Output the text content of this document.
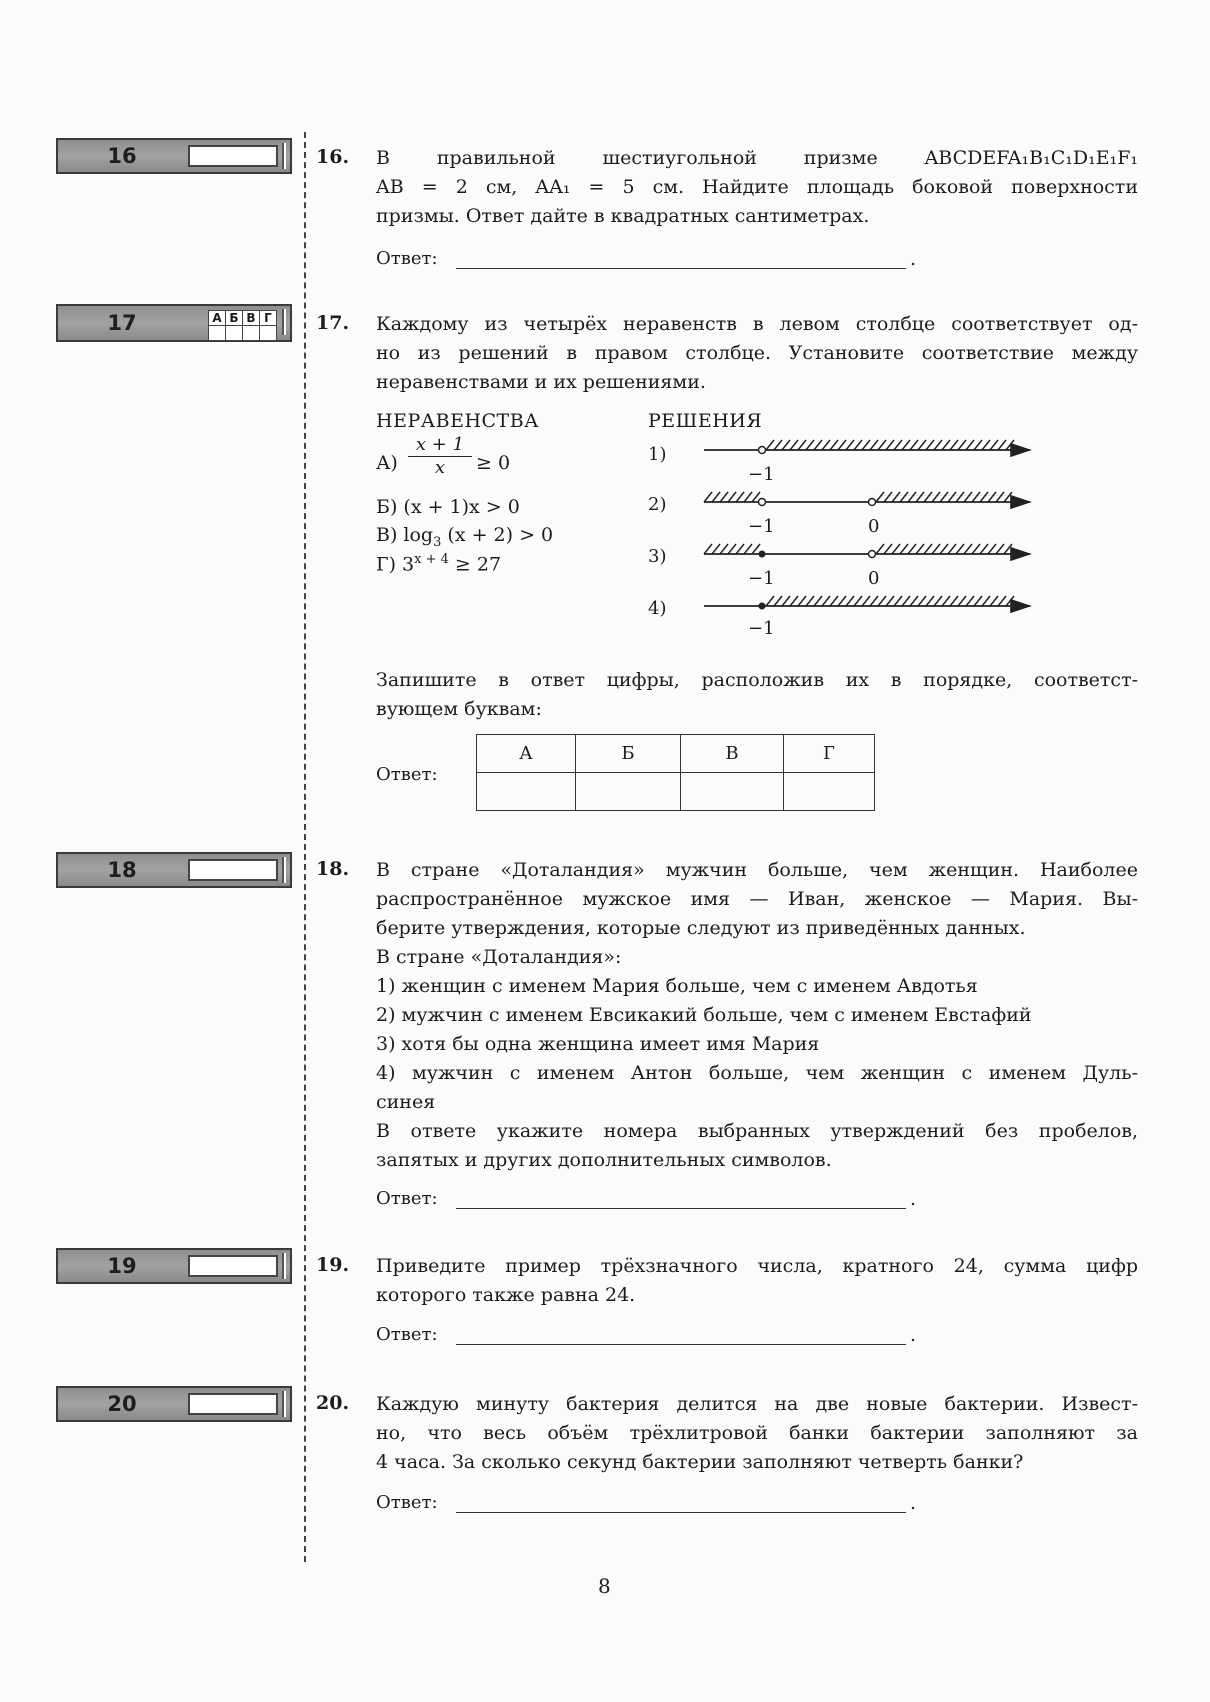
16
17	А	Б	В	Г

18
19
20
16. В правильной шестиугольной призме ABCDEFA₁B₁C₁D₁E₁F₁
AB = 2 см, AA₁ = 5 см. Найдите площадь боковой поверхности
призмы. Ответ дайте в квадратных сантиметрах.
Ответ:	.
17. Каждому из четырёх неравенств в левом столбце соответствует од-
но из решений в правом столбце. Установите соответствие между
неравенствами и их решениями.
НЕРАВЕНСТВА	РЕШЕНИЯ
$А) \frac{x + 1}{x} \ge 0$
Б) (x + 1)x > 0
В) $\log_3 (x + 2) > 0$
Г) $3^{x + 4} \ge 27$
1)
2)
3)
4)
−1
−1	0
−1	0
−1
Запишите в ответ цифры, расположив их в порядке, соответст-
вующем буквам:
Ответ:
А	Б	В	Г

18. В стране «Доталандия» мужчин больше, чем женщин. Наиболее
распространённое мужское имя — Иван, женское — Мария. Вы-
берите утверждения, которые следуют из приведённых данных.
В стране «Доталандия»:
1) женщин с именем Мария больше, чем с именем Авдотья
2) мужчин с именем Евсикакий больше, чем с именем Евстафий
3) хотя бы одна женщина имеет имя Мария
4) мужчин с именем Антон больше, чем женщин с именем Дуль-
синея
В ответе укажите номера выбранных утверждений без пробелов,
запятых и других дополнительных символов.
Ответ:	.
19. Приведите пример трёхзначного числа, кратного 24, сумма цифр
которого также равна 24.
Ответ:	.
20. Каждую минуту бактерия делится на две новые бактерии. Извест-
но, что весь объём трёхлитровой банки бактерии заполняют за
4 часа. За сколько секунд бактерии заполняют четверть банки?
Ответ:	.
8
